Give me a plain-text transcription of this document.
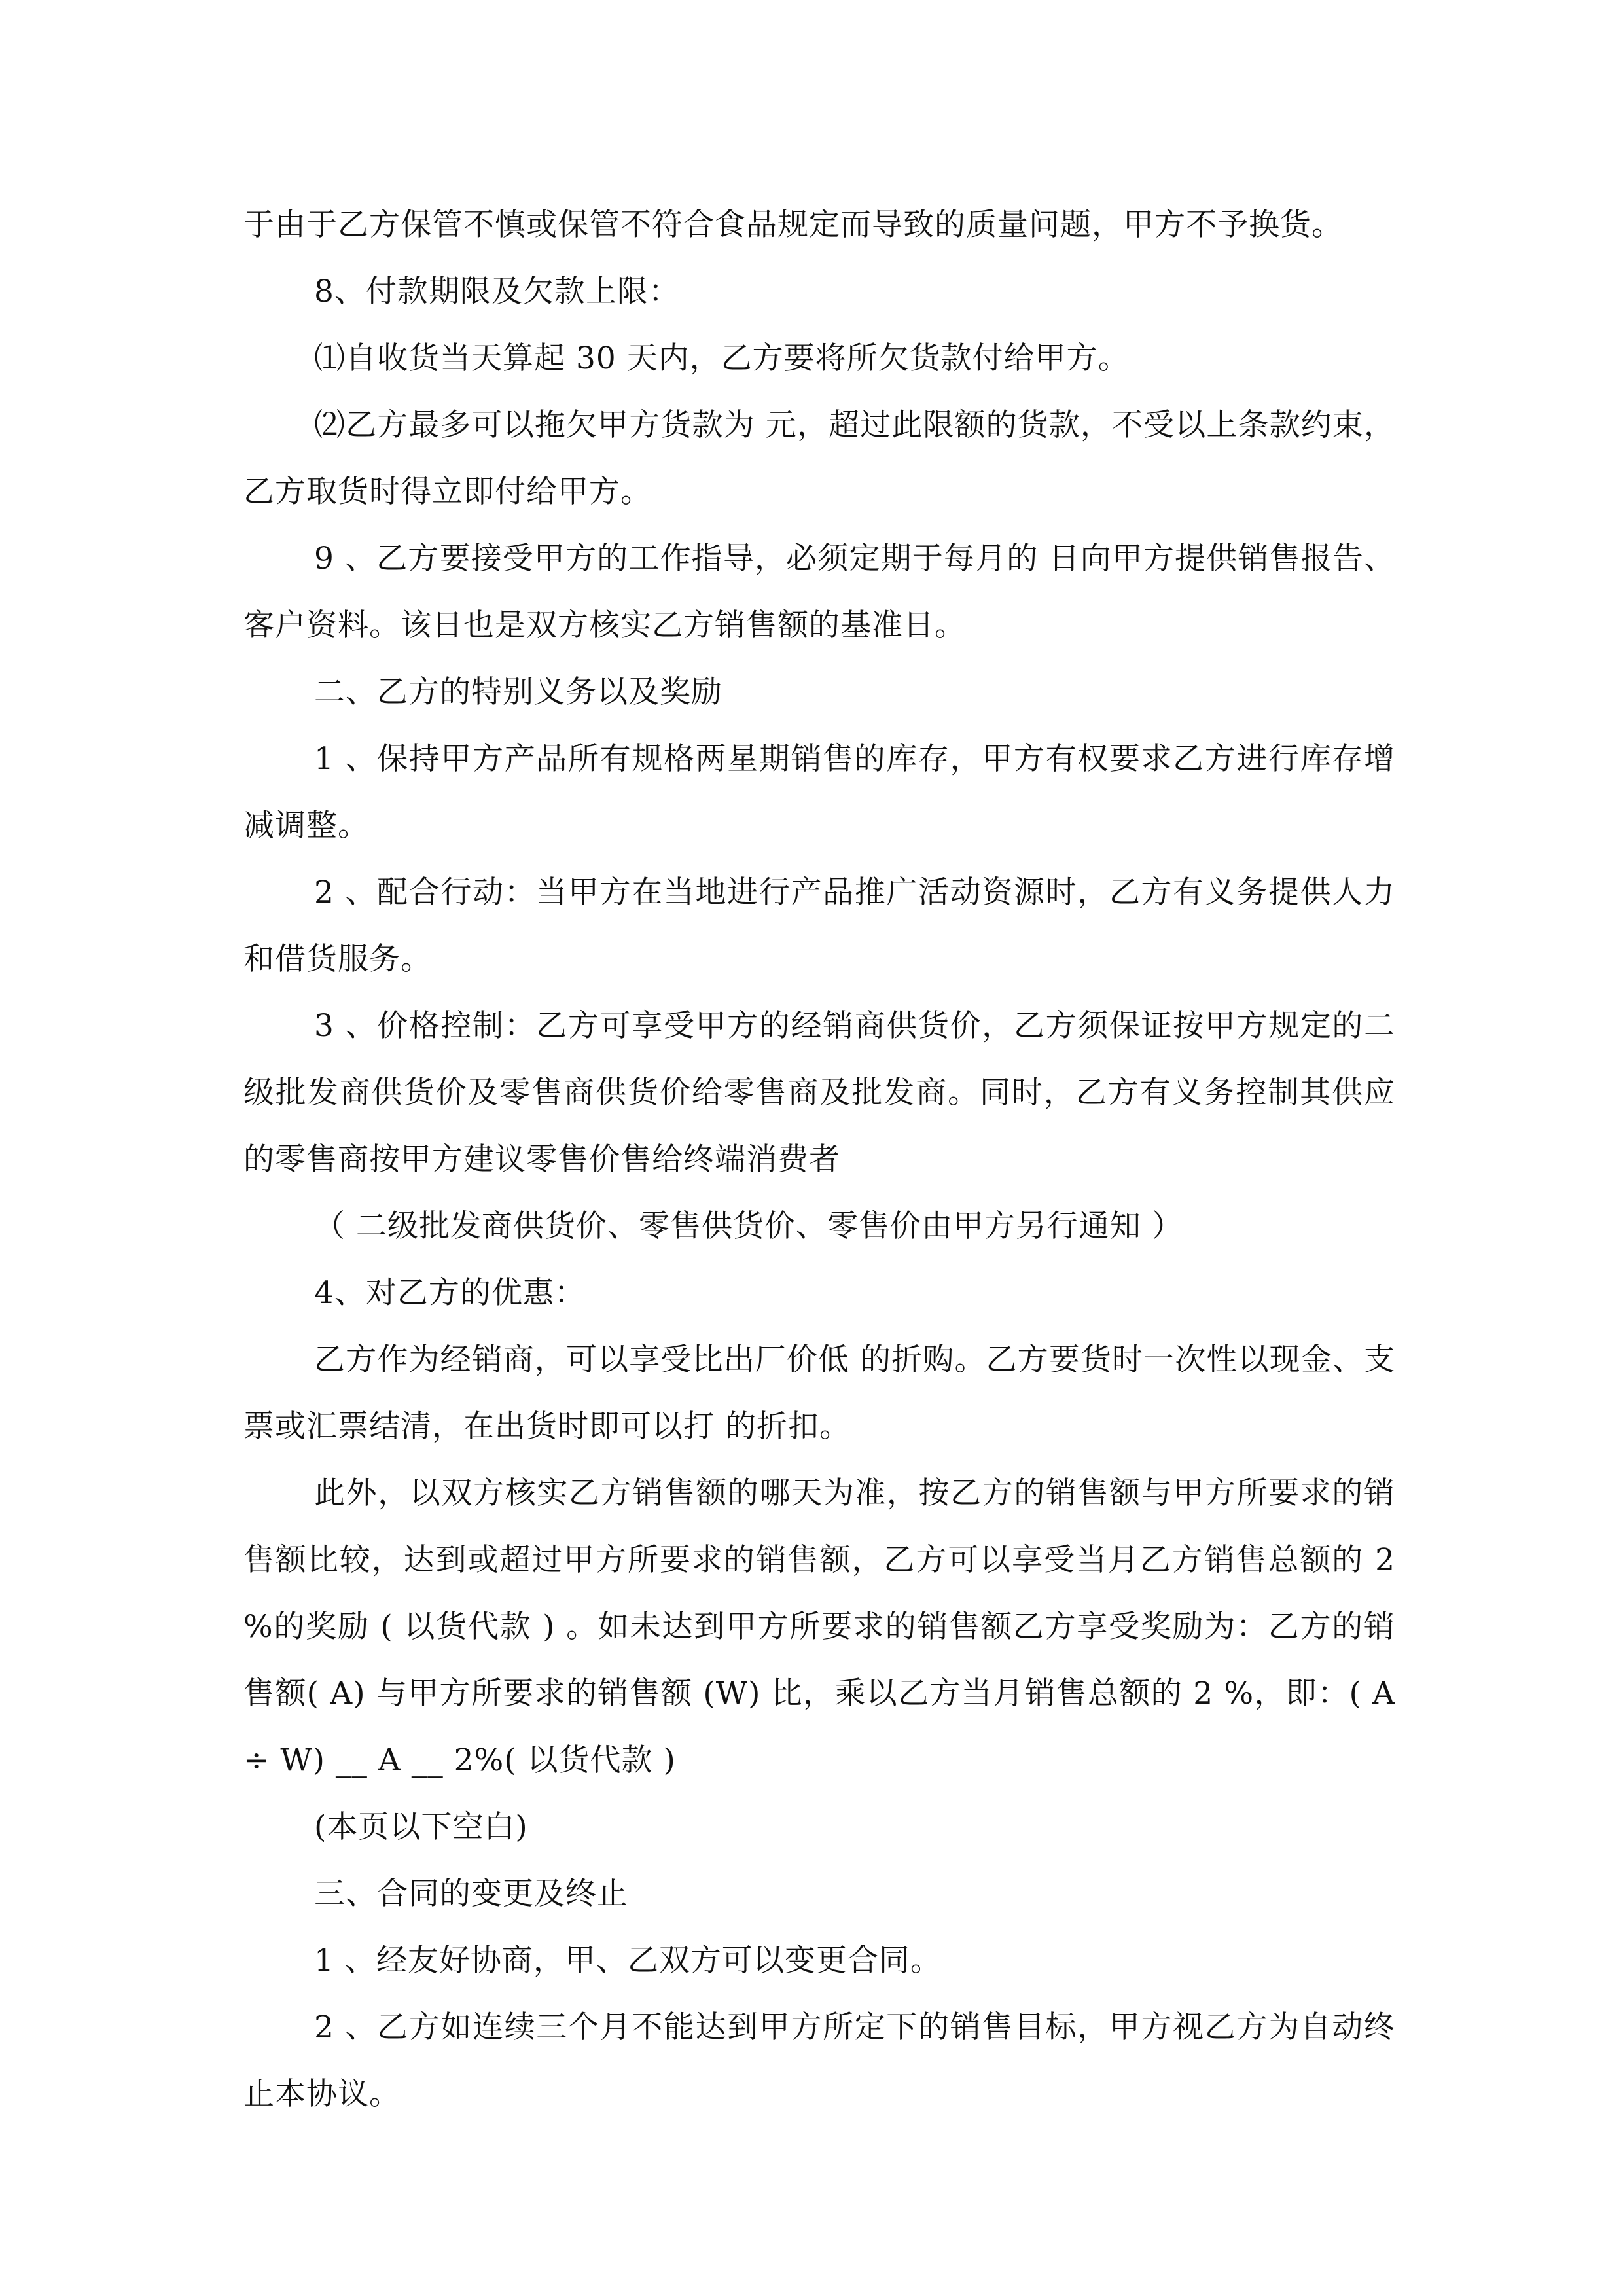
于由于乙方保管不慎或保管不符合食品规定而导致的质量问题，甲方不予换货。

8、付款期限及欠款上限：

⑴自收货当天算起 30 天内，乙方要将所欠货款付给甲方。

⑵乙方最多可以拖欠甲方货款为 元，超过此限额的货款，不受以上条款约束，乙方取货时得立即付给甲方。

9 、乙方要接受甲方的工作指导，必须定期于每月的 日向甲方提供销售报告、客户资料。该日也是双方核实乙方销售额的基准日。

二、乙方的特别义务以及奖励

1 、保持甲方产品所有规格两星期销售的库存，甲方有权要求乙方进行库存增减调整。

2 、配合行动：当甲方在当地进行产品推广活动资源时，乙方有义务提供人力和借货服务。

3 、价格控制：乙方可享受甲方的经销商供货价，乙方须保证按甲方规定的二级批发商供货价及零售商供货价给零售商及批发商。同时，乙方有义务控制其供应的零售商按甲方建议零售价售给终端消费者

（ 二级批发商供货价、零售供货价、零售价由甲方另行通知 ）

4、对乙方的优惠：

乙方作为经销商，可以享受比出厂价低 的折购。乙方要货时一次性以现金、支票或汇票结清，在出货时即可以打 的折扣。

此外，以双方核实乙方销售额的哪天为准，按乙方的销售额与甲方所要求的销售额比较，达到或超过甲方所要求的销售额，乙方可以享受当月乙方销售总额的 2 %的奖励 ( 以货代款 ) 。如未达到甲方所要求的销售额乙方享受奖励为：乙方的销售额( A) 与甲方所要求的销售额 (W) 比，乘以乙方当月销售总额的 2 %，即：( A ÷ W) __ A __ 2%( 以货代款 )

(本页以下空白)

三、合同的变更及终止

1 、经友好协商，甲、乙双方可以变更合同。

2 、乙方如连续三个月不能达到甲方所定下的销售目标，甲方视乙方为自动终止本协议。
